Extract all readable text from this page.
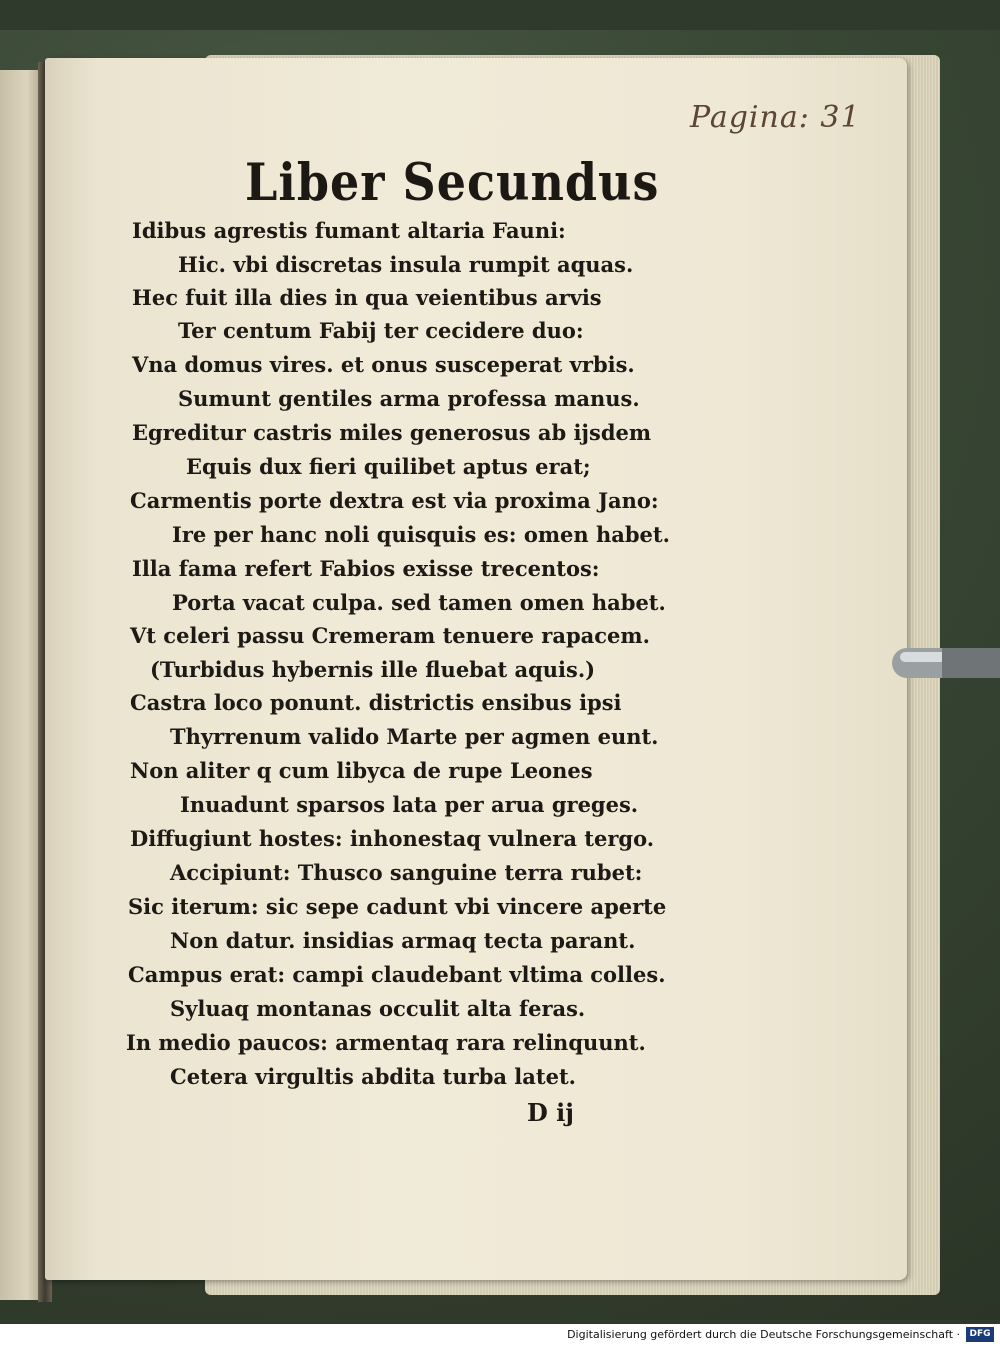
Pagina: 31
Liber Secundus
Idibus agrestis fumant altaria Fauni:
Hic. vbi discretas insula rumpit aquas.
Hec fuit illa dies in qua veientibus arvis
Ter centum Fabij ter cecidere duo:
Vna domus vires. et onus susceperat vrbis.
Sumunt gentiles arma professa manus.
Egreditur castris miles generosus ab ijsdem
Equis dux fieri quilibet aptus erat;
Carmentis porte dextra est via proxima Jano:
Ire per hanc noli quisquis es: omen habet.
Illa fama refert Fabios exisse trecentos:
Porta vacat culpa. sed tamen omen habet.
Vt celeri passu Cremeram tenuere rapacem.
(Turbidus hybernis ille fluebat aquis.)
Castra loco ponunt. districtis ensibus ipsi
Thyrrenum valido Marte per agmen eunt.
Non aliter q cum libyca de rupe Leones
Inuadunt sparsos lata per arua greges.
Diffugiunt hostes: inhonestaq vulnera tergo.
Accipiunt: Thusco sanguine terra rubet:
Sic iterum: sic sepe cadunt vbi vincere aperte
Non datur. insidias armaq tecta parant.
Campus erat: campi claudebant vltima colles.
Syluaq montanas occulit alta feras.
In medio paucos: armentaq rara relinquunt.
Cetera virgultis abdita turba latet.
D ij
Digitalisierung gefördert durch die Deutsche Forschungsgemeinschaft ·	DFG
